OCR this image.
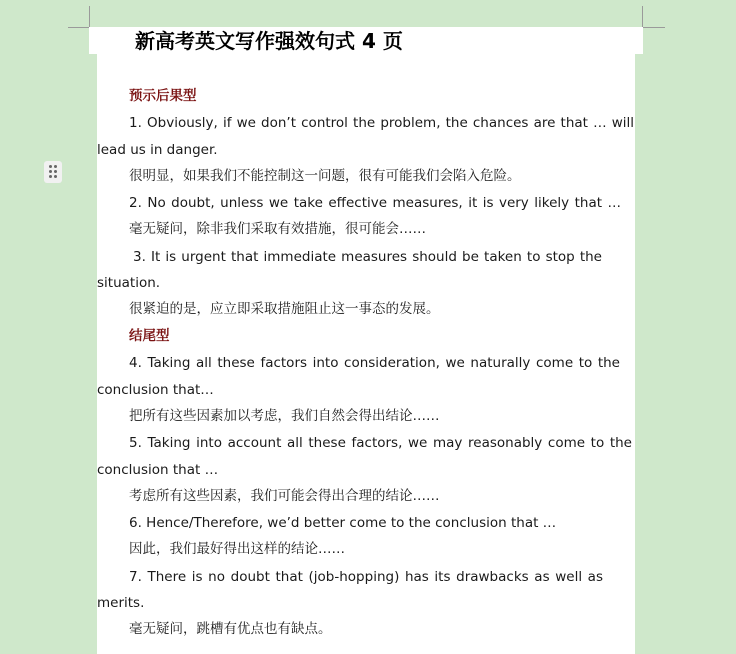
新高考英文写作强效句式 4 页
预示后果型
1. Obviously, if we don’t control the problem, the chances are that … will
lead us in danger.
很明显，如果我们不能控制这一问题，很有可能我们会陷入危险。
2. No doubt, unless we take effective measures, it is very likely that …
毫无疑问，除非我们采取有效措施，很可能会……
3. It is urgent that immediate measures should be taken to stop the
situation.
很紧迫的是，应立即采取措施阻止这一事态的发展。
结尾型
4. Taking all these factors into consideration, we naturally come to the
conclusion that…
把所有这些因素加以考虑，我们自然会得出结论……
5. Taking into account all these factors, we may reasonably come to the
conclusion that …
考虑所有这些因素，我们可能会得出合理的结论……
6. Hence/Therefore, we’d better come to the conclusion that …
因此，我们最好得出这样的结论……
7. There is no doubt that (job-hopping) has its drawbacks as well as
merits.
毫无疑问，跳槽有优点也有缺点。
